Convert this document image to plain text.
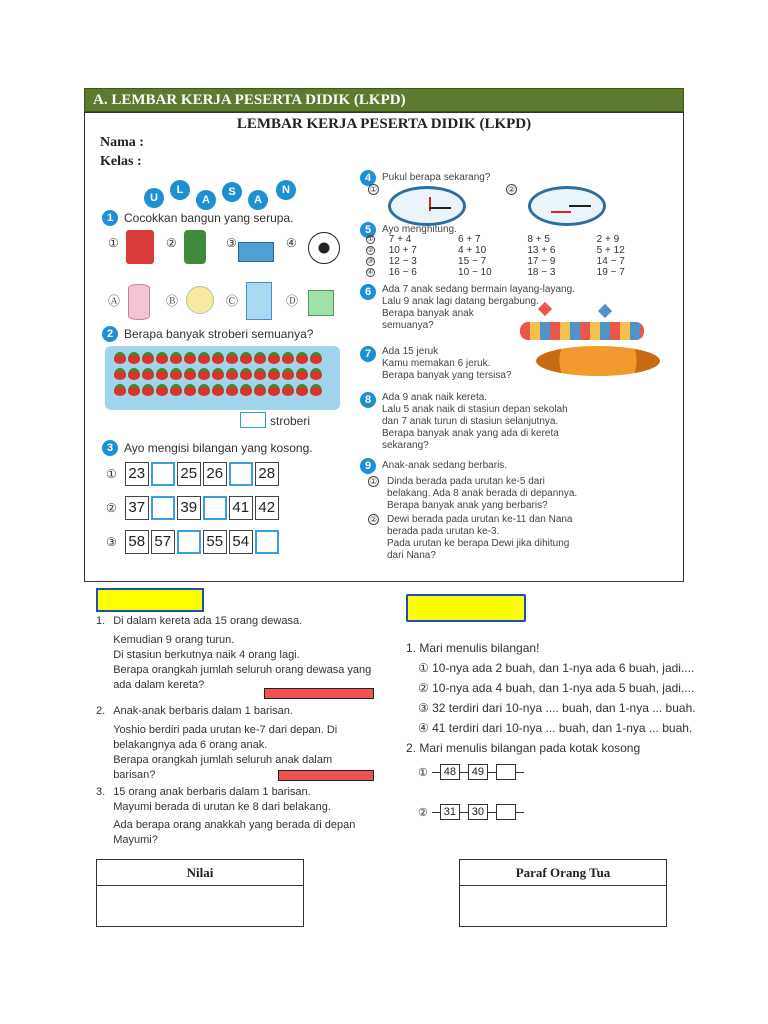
A. LEMBAR KERJA PESERTA DIDIK (LKPD)
LEMBAR KERJA PESERTA DIDIK (LKPD)
Nama :
Kelas :
U
L
A
S
A
N
1 Cocokkan bangun yang serupa.
①	②	③	④
Ⓐ	Ⓑ	Ⓒ	Ⓓ
2 Berapa banyak stroberi semuanya?
stroberi
3 Ayo mengisi bilangan yang kosong.
① 23 25 26 28
② 37 39 41 42
③ 58 57 55 54
4	Pukul berapa sekarang?
①	②
5	Ayo menghitung.
① 7 + 4	6 + 7	8 + 5	2 + 9
② 10 + 7	4 + 10	13 + 6	5 + 12
③ 12 − 3	15 − 7	17 − 9	14 − 7
④ 16 − 6	10 − 10	18 − 3	19 − 7
6	Ada 7 anak sedang bermain layang-layang.
Lalu 9 anak lagi datang bergabung.
Berapa banyak anak
semuanya?
7	Ada 15 jeruk
Kamu memakan 6 jeruk.
Berapa banyak yang tersisa?
8	Ada 9 anak naik kereta.
Lalu 5 anak naik di stasiun depan sekolah
dan 7 anak turun di stasiun selanjutnya.
Berapa banyak anak yang ada di kereta
sekarang?
9	Anak-anak sedang berbaris.
① Dinda berada pada urutan ke-5 dari
belakang. Ada 8 anak berada di depannya.
Berapa banyak anak yang berbaris?
② Dewi berada pada urutan ke-11 dan Nana
berada pada urutan ke-3.
Pada urutan ke berapa Dewi jika dihitung
dari Nana?
1. Di dalam kereta ada 15 orang dewasa.
Kemudian 9 orang turun.
Di stasiun berkutnya naik 4 orang lagi.
Berapa orangkah jumlah seluruh orang dewasa yang
ada dalam kereta?
2. Anak-anak berbaris dalam 1 barisan.
Yoshio berdiri pada urutan ke-7 dari depan. Di
belakangnya ada 6 orang anak.
Berapa orangkah jumlah seluruh anak dalam barisan?
3. 15 orang anak berbaris dalam 1 barisan.
Mayumi berada di urutan ke 8 dari belakang.
Ada berapa orang anakkah yang berada di depan
Mayumi?
1. Mari menulis bilangan!
① 10-nya ada 2 buah, dan 1-nya ada 6 buah, jadi....
② 10-nya ada 4 buah, dan 1-nya ada 5 buah, jadi....
③ 32 terdiri dari 10-nya .... buah, dan 1-nya ... buah.
④ 41 terdiri dari 10-nya ... buah, dan 1-nya ... buah.
2. Mari menulis bilangan pada kotak kosong
①	48	49
②	31	30
Nilai	Paraf Orang Tua
